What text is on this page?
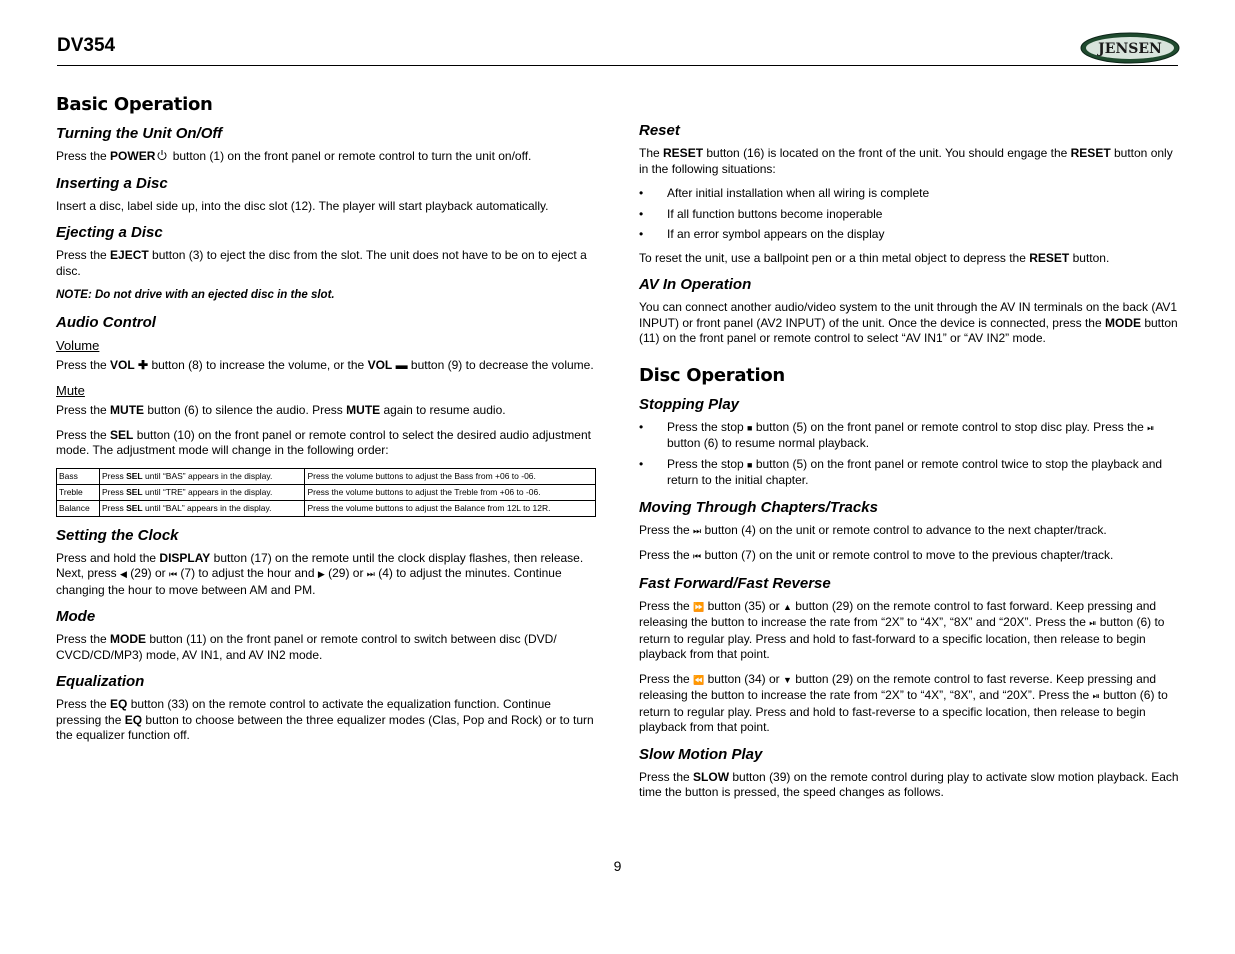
DV354	JENSEN
Basic Operation
Turning the Unit On/Off

Press the POWER button (1) on the front panel or remote control to turn the unit on/off.

Inserting a Disc

Insert a disc, label side up, into the disc slot (12). The player will start playback automatically.

Ejecting a Disc

Press the EJECT button (3) to eject the disc from the slot. The unit does not have to be on to eject a disc.

NOTE: Do not drive with an ejected disc in the slot.

Audio Control

Volume

Press the VOL ✚ button (8) to increase the volume, or the VOL ▬ button (9) to decrease the volume.

Mute

Press the MUTE button (6) to silence the audio. Press MUTE again to resume audio.

Press the SEL button (10) on the front panel or remote control to select the desired audio adjustment mode. The adjustment mode will change in the following order:

Bass	Press SEL until “BAS” appears in the display.	Press the volume buttons to adjust the Bass from +06 to -06.
Treble	Press SEL until “TRE” appears in the display.	Press the volume buttons to adjust the Treble from +06 to -06.
Balance	Press SEL until “BAL” appears in the display.	Press the volume buttons to adjust the Balance from 12L to 12R.
Setting the Clock

Press and hold the DISPLAY button (17) on the remote until the clock display flashes, then release. Next, press ◀ (29) or ⏮ (7) to adjust the hour and ▶ (29) or ⏭ (4) to adjust the minutes. Continue changing the hour to move between AM and PM.

Mode

Press the MODE button (11) on the front panel or remote control to switch between disc (DVD/ CVCD/CD/MP3) mode, AV IN1, and AV IN2 mode.

Equalization

Press the EQ button (33) on the remote control to activate the equalization function. Continue pressing the EQ button to choose between the three equalizer modes (Clas, Pop and Rock) or to turn the equalizer function off.

Reset

The RESET button (16) is located on the front of the unit. You should engage the RESET button only in the following situations:

• After initial installation when all wiring is complete
• If all function buttons become inoperable
• If an error symbol appears on the display

To reset the unit, use a ballpoint pen or a thin metal object to depress the RESET button.

AV In Operation

You can connect another audio/video system to the unit through the AV IN terminals on the back (AV1 INPUT) or front panel (AV2 INPUT) of the unit. Once the device is connected, press the MODE button (11) on the front panel or remote control to select “AV IN1” or “AV IN2” mode.

Disc Operation
Stopping Play
• Press the stop ■ button (5) on the front panel or remote control to stop disc play. Press the ⏯ button (6) to resume normal playback.
• Press the stop ■ button (5) on the front panel or remote control twice to stop the playback and return to the initial chapter.
Moving Through Chapters/Tracks

Press the ⏭ button (4) on the unit or remote control to advance to the next chapter/track.

Press the ⏮ button (7) on the unit or remote control to move to the previous chapter/track.

Fast Forward/Fast Reverse

Press the ⏩ button (35) or ▲ button (29) on the remote control to fast forward. Keep pressing and releasing the button to increase the rate from “2X” to “4X”, “8X” and “20X”. Press the ⏯ button (6) to return to regular play. Press and hold to fast-forward to a specific location, then release to begin playback from that point.

Press the ⏪ button (34) or ▼ button (29) on the remote control to fast reverse. Keep pressing and releasing the button to increase the rate from “2X” to “4X”, “8X”, and “20X”. Press the ⏯ button (6) to return to regular play. Press and hold to fast-reverse to a specific location, then release to begin playback from that point.

Slow Motion Play

Press the SLOW button (39) on the remote control during play to activate slow motion playback. Each time the button is pressed, the speed changes as follows.

9
